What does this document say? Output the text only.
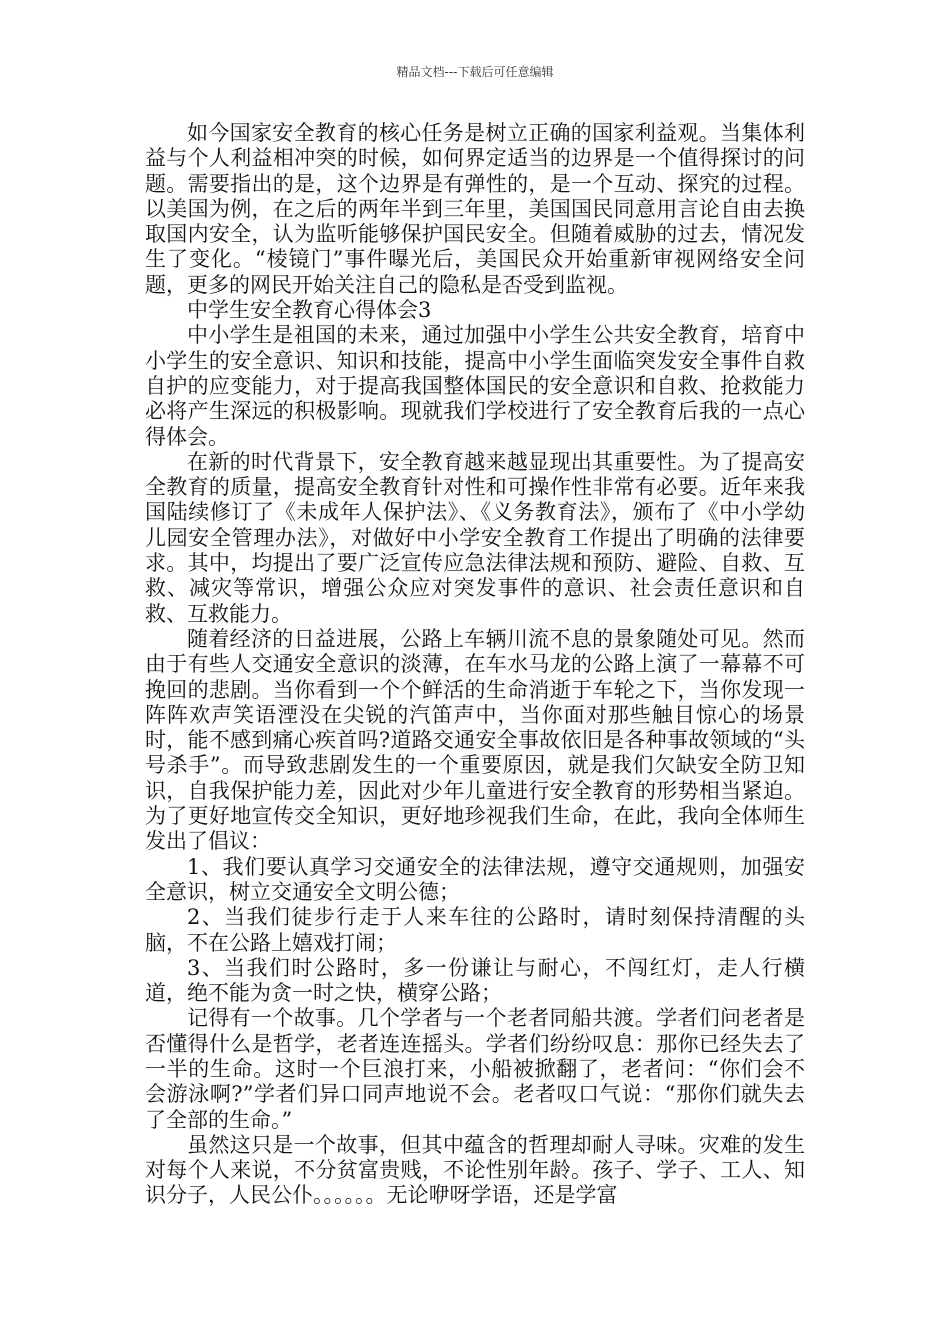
精品文档---下载后可任意编辑

如今国家安全教育的核心任务是树立正确的国家利益观。当集体利益与个人利益相冲突的时候，如何界定适当的边界是一个值得探讨的问题。需要指出的是，这个边界是有弹性的，是一个互动、探究的过程。以美国为例，在之后的两年半到三年里，美国国民同意用言论自由去换取国内安全，认为监听能够保护国民安全。但随着威胁的过去，情况发生了变化。“棱镜门”事件曝光后，美国民众开始重新审视网络安全问题，更多的网民开始关注自己的隐私是否受到监视。

中学生安全教育心得体会3

中小学生是祖国的未来，通过加强中小学生公共安全教育，培育中小学生的安全意识、知识和技能，提高中小学生面临突发安全事件自救自护的应变能力，对于提高我国整体国民的安全意识和自救、抢救能力必将产生深远的积极影响。现就我们学校进行了安全教育后我的一点心得体会。

在新的时代背景下，安全教育越来越显现出其重要性。为了提高安全教育的质量，提高安全教育针对性和可操作性非常有必要。近年来我国陆续修订了《未成年人保护法》、《义务教育法》，颁布了《中小学幼儿园安全管理办法》，对做好中小学安全教育工作提出了明确的法律要求。其中，均提出了要广泛宣传应急法律法规和预防、避险、自救、互救、减灾等常识，增强公众应对突发事件的意识、社会责任意识和自救、互救能力。

随着经济的日益进展，公路上车辆川流不息的景象随处可见。然而由于有些人交通安全意识的淡薄，在车水马龙的公路上演了一幕幕不可挽回的悲剧。当你看到一个个鲜活的生命消逝于车轮之下，当你发现一阵阵欢声笑语湮没在尖锐的汽笛声中，当你面对那些触目惊心的场景时，能不感到痛心疾首吗?道路交通安全事故依旧是各种事故领域的“头号杀手”。而导致悲剧发生的一个重要原因，就是我们欠缺安全防卫知识，自我保护能力差，因此对少年儿童进行安全教育的形势相当紧迫。为了更好地宣传交全知识，更好地珍视我们生命，在此，我向全体师生发出了倡议：

1、我们要认真学习交通安全的法律法规，遵守交通规则，加强安全意识，树立交通安全文明公德；

2、当我们徒步行走于人来车往的公路时，请时刻保持清醒的头脑，不在公路上嬉戏打闹；

3、当我们时公路时，多一份谦让与耐心，不闯红灯，走人行横道，绝不能为贪一时之快，横穿公路；

记得有一个故事。几个学者与一个老者同船共渡。学者们问老者是否懂得什么是哲学，老者连连摇头。学者们纷纷叹息：那你已经失去了一半的生命。这时一个巨浪打来，小船被掀翻了，老者问：“你们会不会游泳啊?”学者们异口同声地说不会。老者叹口气说：“那你们就失去了全部的生命。”

虽然这只是一个故事，但其中蕴含的哲理却耐人寻味。灾难的发生对每个人来说，不分贫富贵贱，不论性别年龄。孩子、学子、工人、知识分子，人民公仆。。。。。。无论咿呀学语，还是学富
